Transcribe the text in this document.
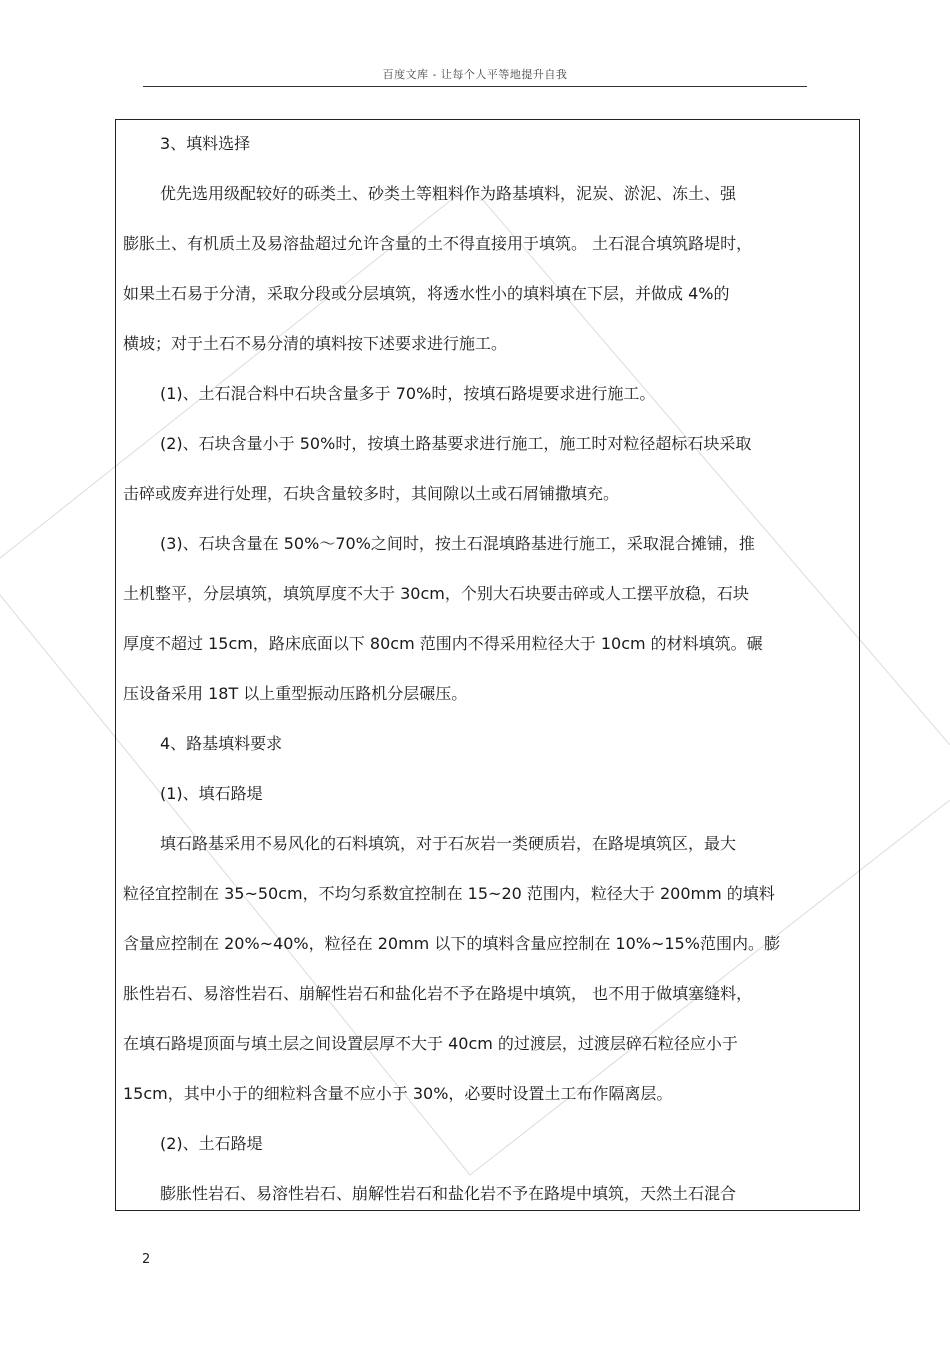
百度文库 - 让每个人平等地提升自我
3、填料选择
优先选用级配较好的砾类土、砂类土等粗料作为路基填料，泥炭、淤泥、冻土、强
膨胀土、有机质土及易溶盐超过允许含量的土不得直接用于填筑。 土石混合填筑路堤时，
如果土石易于分清，采取分段或分层填筑，将透水性小的填料填在下层，并做成 4%的
横坡；对于土石不易分清的填料按下述要求进行施工。
(1)、土石混合料中石块含量多于 70%时，按填石路堤要求进行施工。
(2)、石块含量小于 50%时，按填土路基要求进行施工，施工时对粒径超标石块采取
击碎或废弃进行处理，石块含量较多时，其间隙以土或石屑铺撒填充。
(3)、石块含量在 50%～70%之间时，按土石混填路基进行施工，采取混合摊铺，推
土机整平，分层填筑，填筑厚度不大于 30cm，个别大石块要击碎或人工摆平放稳，石块
厚度不超过 15cm，路床底面以下 80cm 范围内不得采用粒径大于 10cm 的材料填筑。碾
压设备采用 18T 以上重型振动压路机分层碾压。
4、路基填料要求
(1)、填石路堤
填石路基采用不易风化的石料填筑，对于石灰岩一类硬质岩，在路堤填筑区，最大
粒径宜控制在 35~50cm，不均匀系数宜控制在 15~20 范围内，粒径大于 200mm 的填料
含量应控制在 20%~40%，粒径在 20mm 以下的填料含量应控制在 10%~15%范围内。膨
胀性岩石、易溶性岩石、崩解性岩石和盐化岩不予在路堤中填筑， 也不用于做填塞缝料，
在填石路堤顶面与填土层之间设置层厚不大于 40cm 的过渡层，过渡层碎石粒径应小于
15cm，其中小于的细粒料含量不应小于 30%，必要时设置土工布作隔离层。
(2)、土石路堤
膨胀性岩石、易溶性岩石、崩解性岩石和盐化岩不予在路堤中填筑，天然土石混合
2
